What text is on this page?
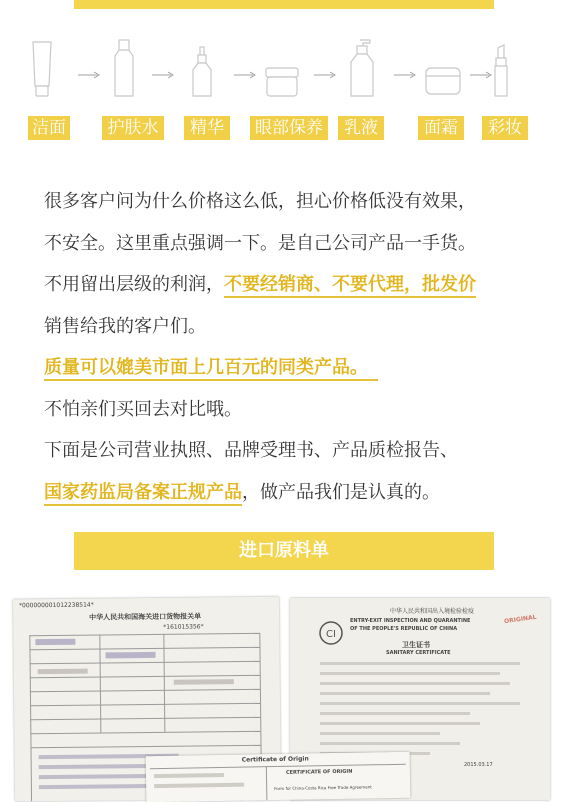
洁面	护肤水	精华	眼部保养	乳液	面霜	彩妆
很多客户问为什么价格这么低，担心价格低没有效果，
不安全。这里重点强调一下。是自己公司产品一手货。
不用留出层级的利润，不要经销商、不要代理，批发价
销售给我的客户们。
质量可以媲美市面上几百元的同类产品。
不怕亲们买回去对比哦。
下面是公司营业执照、品牌受理书、产品质检报告、
国家药监局备案正规产品
，做产品我们是认真的。
进口原料单
*000000001012238514*
中华人民共和国海关进口货物报关单
*161015356*
CI
中华人民共和国出入境检验检疫
ENTRY-EXIT INSPECTION AND QUARANTINE
OF THE PEOPLE'S REPUBLIC OF CHINA
ORIGINAL
卫生证书
SANITARY CERTIFICATE
2015.03.17
Certificate of Origin
CERTIFICATE OF ORIGIN
Form for China-Costa Rica Free Trade Agreement
